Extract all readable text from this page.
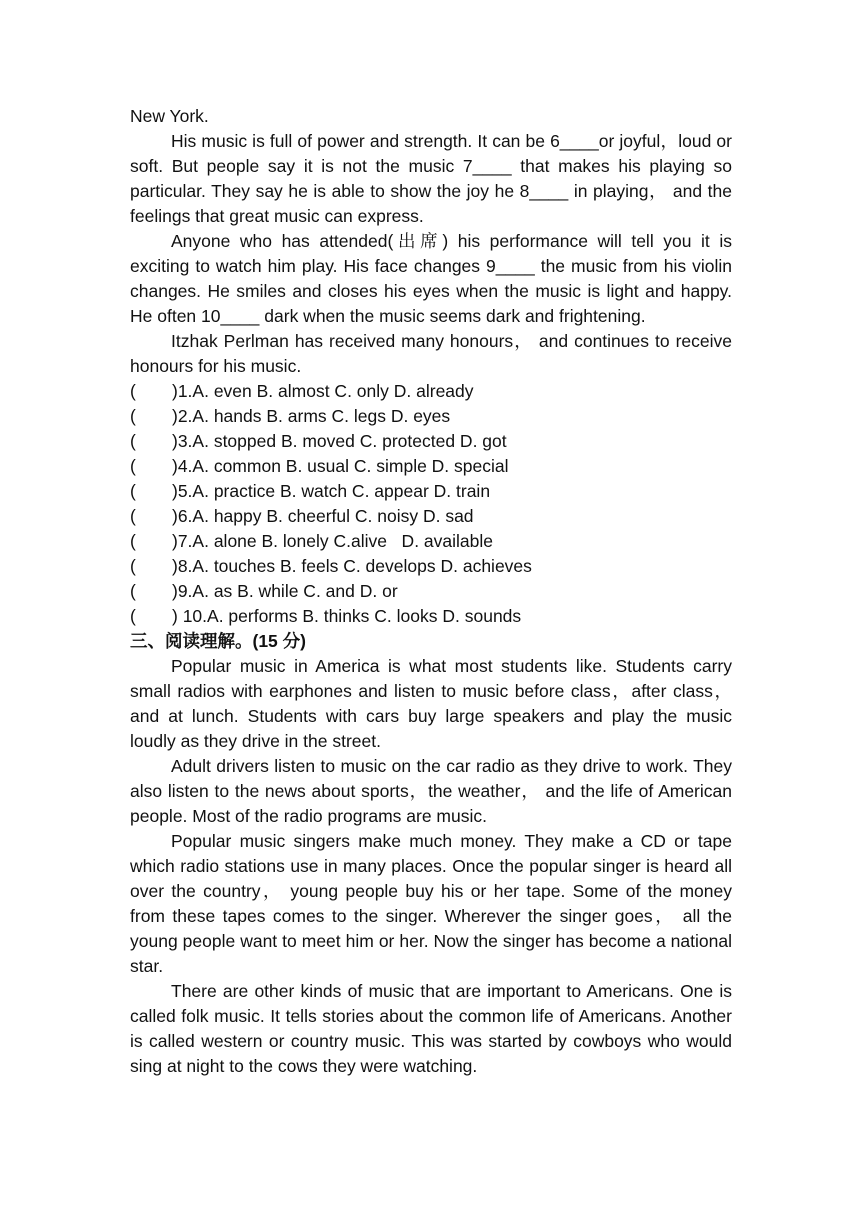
New York.

His music is full of power and strength. It can be 6____or joyful，loud or soft. But people say it is not the music 7____ that makes his playing so particular. They say he is able to show the joy he 8____ in playing， and the feelings that great music can express.

Anyone who has attended(出席) his performance will tell you it is exciting to watch him play. His face changes 9____ the music from his violin changes. He smiles and closes his eyes when the music is light and happy. He often 10____ dark when the music seems dark and frightening.

Itzhak Perlman has received many honours， and continues to receive honours for his music.

(	)1.A. even B. almost C. only D. already

(	)2.A. hands B. arms C. legs D. eyes

(	)3.A. stopped B. moved C. protected D. got

(	)4.A. common B. usual C. simple D. special

(	)5.A. practice B. watch C. appear D. train

(	)6.A. happy B. cheerful C. noisy D. sad

(	)7.A. alone B. lonely C.alive   D. available

(	)8.A. touches B. feels C. develops D. achieves

(	)9.A. as B. while C. and D. or

(	) 10.A. performs B. thinks C. looks D. sounds

三、阅读理解。(15 分)

Popular music in America is what most students like. Students carry small radios with earphones and listen to music before class，after class，and at lunch. Students with cars buy large speakers and play the music loudly as they drive in the street.

Adult drivers listen to music on the car radio as they drive to work. They also listen to the news about sports，the weather， and the life of American people. Most of the radio programs are music.

Popular music singers make much money. They make a CD or tape which radio stations use in many places. Once the popular singer is heard all over the country， young people buy his or her tape. Some of the money from these tapes comes to the singer. Wherever the singer goes， all the young people want to meet him or her. Now the singer has become a national star.

There are other kinds of music that are important to Americans. One is called folk music. It tells stories about the common life of Americans. Another is called western or country music. This was started by cowboys who would sing at night to the cows they were watching.
